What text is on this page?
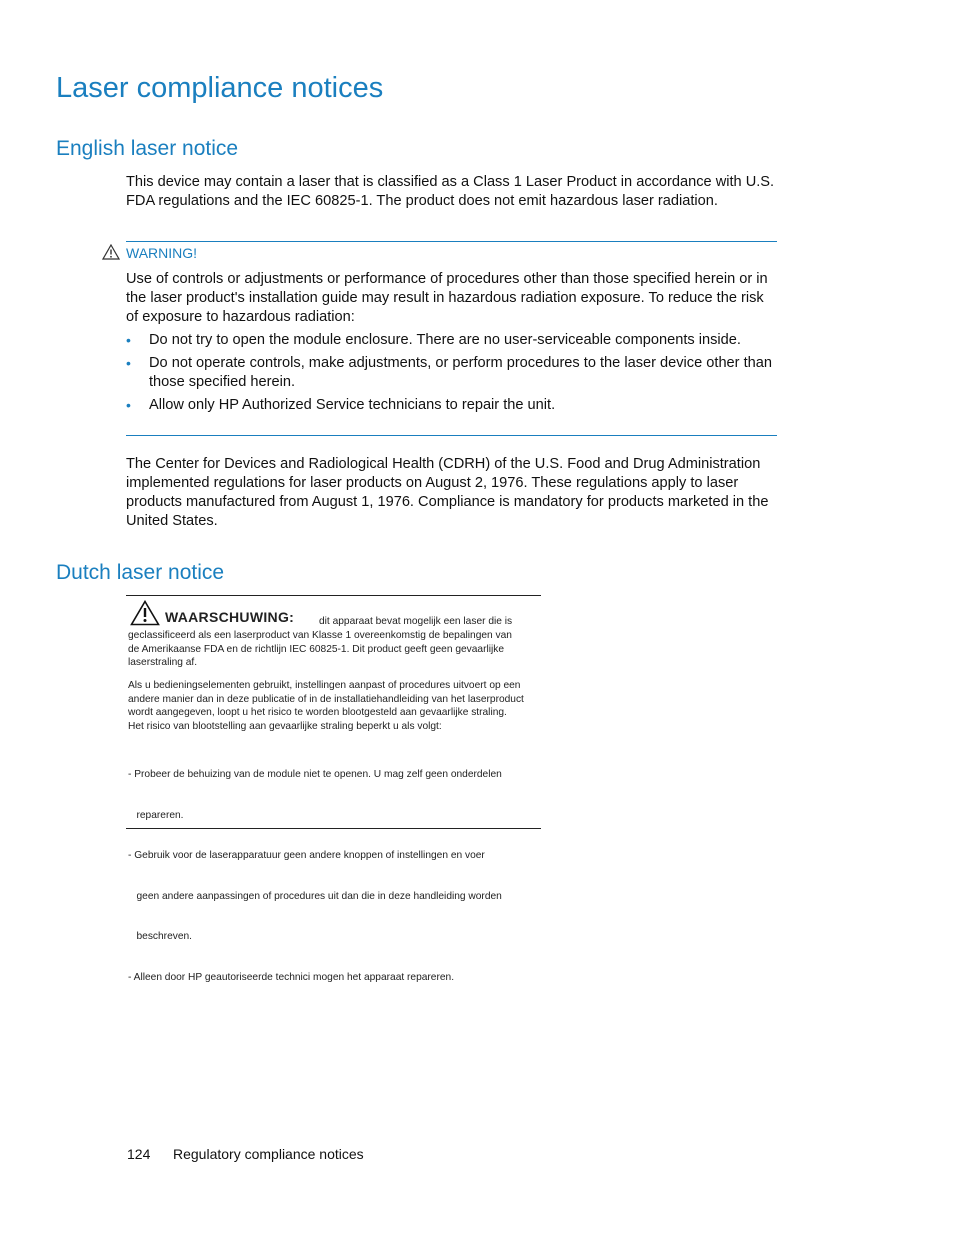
Laser compliance notices
English laser notice
This device may contain a laser that is classified as a Class 1 Laser Product in accordance with U.S.
FDA regulations and the IEC 60825-1. The product does not emit hazardous laser radiation.
WARNING!
Use of controls or adjustments or performance of procedures other than those specified herein or in
the laser product's installation guide may result in hazardous radiation exposure. To reduce the risk
of exposure to hazardous radiation:
• Do not try to open the module enclosure. There are no user-serviceable components inside.
• Do not operate controls, make adjustments, or perform procedures to the laser device other than
those specified herein.
• Allow only HP Authorized Service technicians to repair the unit.
The Center for Devices and Radiological Health (CDRH) of the U.S. Food and Drug Administration
implemented regulations for laser products on August 2, 1976. These regulations apply to laser
products manufactured from August 1, 1976. Compliance is mandatory for products marketed in the
United States.
Dutch laser notice
WAARSCHUWING: dit apparaat bevat mogelijk een laser die is
geclassificeerd als een laserproduct van Klasse 1 overeenkomstig de bepalingen van
de Amerikaanse FDA en de richtlijn IEC 60825-1. Dit product geeft geen gevaarlijke
laserstraling af.
Als u bedieningselementen gebruikt, instellingen aanpast of procedures uitvoert op een
andere manier dan in deze publicatie of in de installatiehandleiding van het laserproduct
wordt aangegeven, loopt u het risico te worden blootgesteld aan gevaarlijke straling.
Het risico van blootstelling aan gevaarlijke straling beperkt u als volgt:

- Probeer de behuizing van de module niet te openen. U mag zelf geen onderdelen

repareren.

- Gebruik voor de laserapparatuur geen andere knoppen of instellingen en voer

geen andere aanpassingen of procedures uit dan die in deze handleiding worden

beschreven.

- Alleen door HP geautoriseerde technici mogen het apparaat repareren.

124 Regulatory compliance notices
